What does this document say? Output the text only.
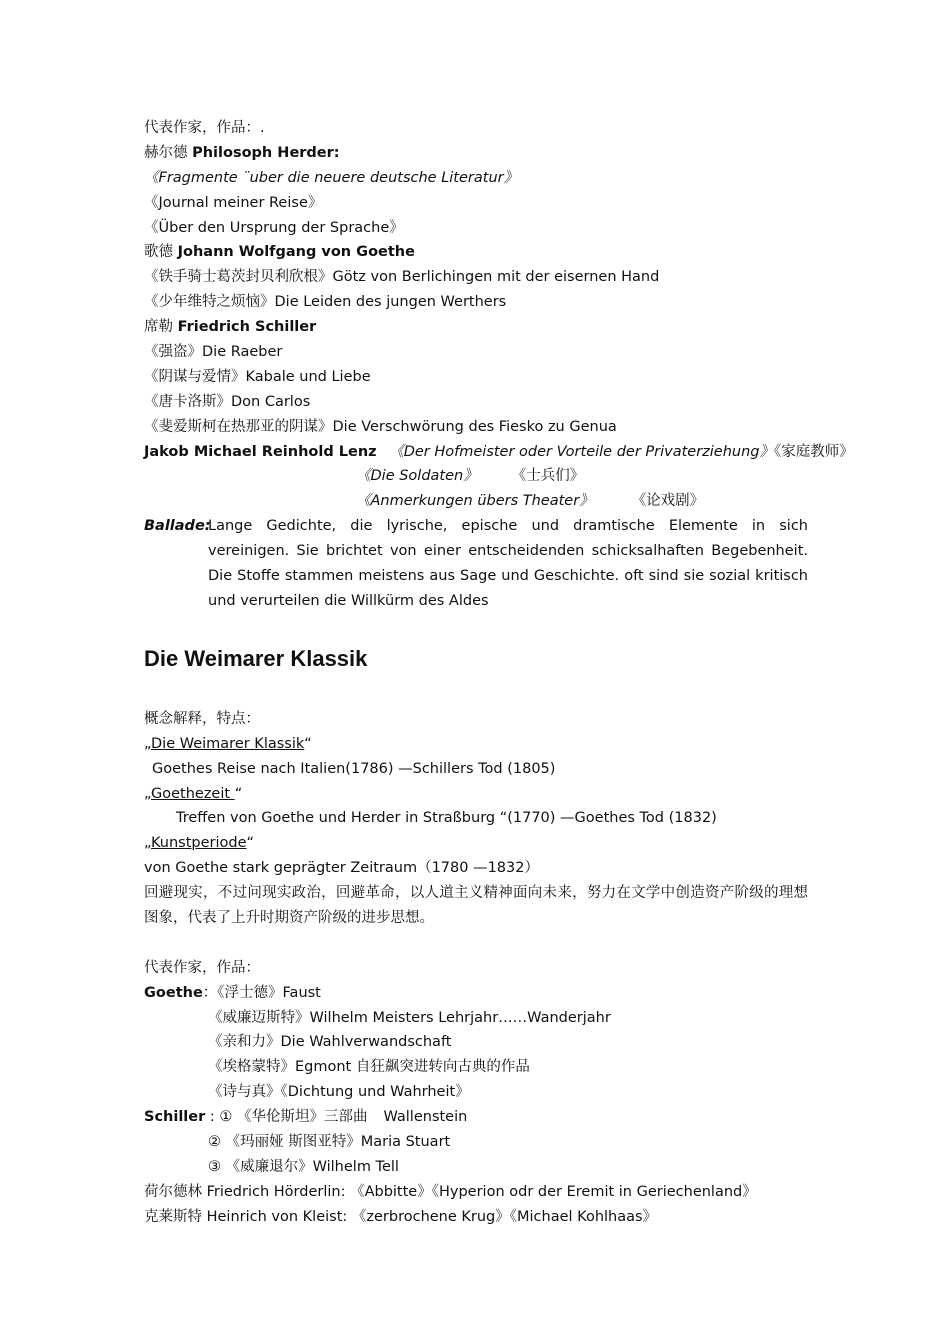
代表作家，作品：.
赫尔德 Philosoph Herder:
《Fragmente ¨uber die neuere deutsche Literatur》
《Journal meiner Reise》
《Über den Ursprung der Sprache》
歌德 Johann Wolfgang von Goethe
《铁手骑士葛茨封贝利欣根》Götz von Berlichingen mit der eisernen Hand
《少年维特之烦恼》Die Leiden des jungen Werthers
席勒 Friedrich Schiller
《强盗》Die Raeber
《阴谋与爱情》Kabale und Liebe
《唐卡洛斯》Don Carlos
《斐爱斯柯在热那亚的阴谋》Die Verschwörung des Fiesko zu Genua
Jakob Michael Reinhold Lenz 《Der Hofmeister oder Vorteile der Privaterziehung》《家庭教师》
《Die Soldaten》 《士兵们》
《Anmerkungen übers Theater》	《论戏剧》
Ballade:
Lange Gedichte, die lyrische, epische und dramtische Elemente in sich vereinigen. Sie brichtet von einer entscheidenden schicksalhaften Begebenheit. Die Stoffe stammen meistens aus Sage und Geschichte. oft sind sie sozial kritisch und verurteilen die Willkürm des Aldes
Die Weimarer Klassik
概念解释，特点：
„Die Weimarer Klassik“
Goethes Reise nach Italien(1786) —Schillers Tod (1805)
„Goethezeit “
Treffen von Goethe und Herder in Straßburg “(1770) —Goethes Tod (1832)
„Kunstperiode“
von Goethe stark geprägter Zeitraum（1780 —1832）
回避现实，不过问现实政治，回避革命，以人道主义精神面向未来，努力在文学中创造资产阶级的理想图象，代表了上升时期资产阶级的进步思想。
代表作家，作品：
Goethe：《浮士德》Faust
《威廉迈斯特》Wilhelm Meisters Lehrjahr……Wanderjahr
《亲和力》Die Wahlverwandschaft
《埃格蒙特》Egmont 自狂飙突进转向古典的作品
《诗与真》《Dichtung und Wahrheit》
Schiller : ① 《华伦斯坦》三部曲 Wallenstein
② 《玛丽娅 斯图亚特》Maria Stuart
③ 《威廉退尔》Wilhelm Tell
荷尔德林 Friedrich Hörderlin: 《Abbitte》《Hyperion odr der Eremit in Geriechenland》
克莱斯特 Heinrich von Kleist: 《zerbrochene Krug》《Michael Kohlhaas》
